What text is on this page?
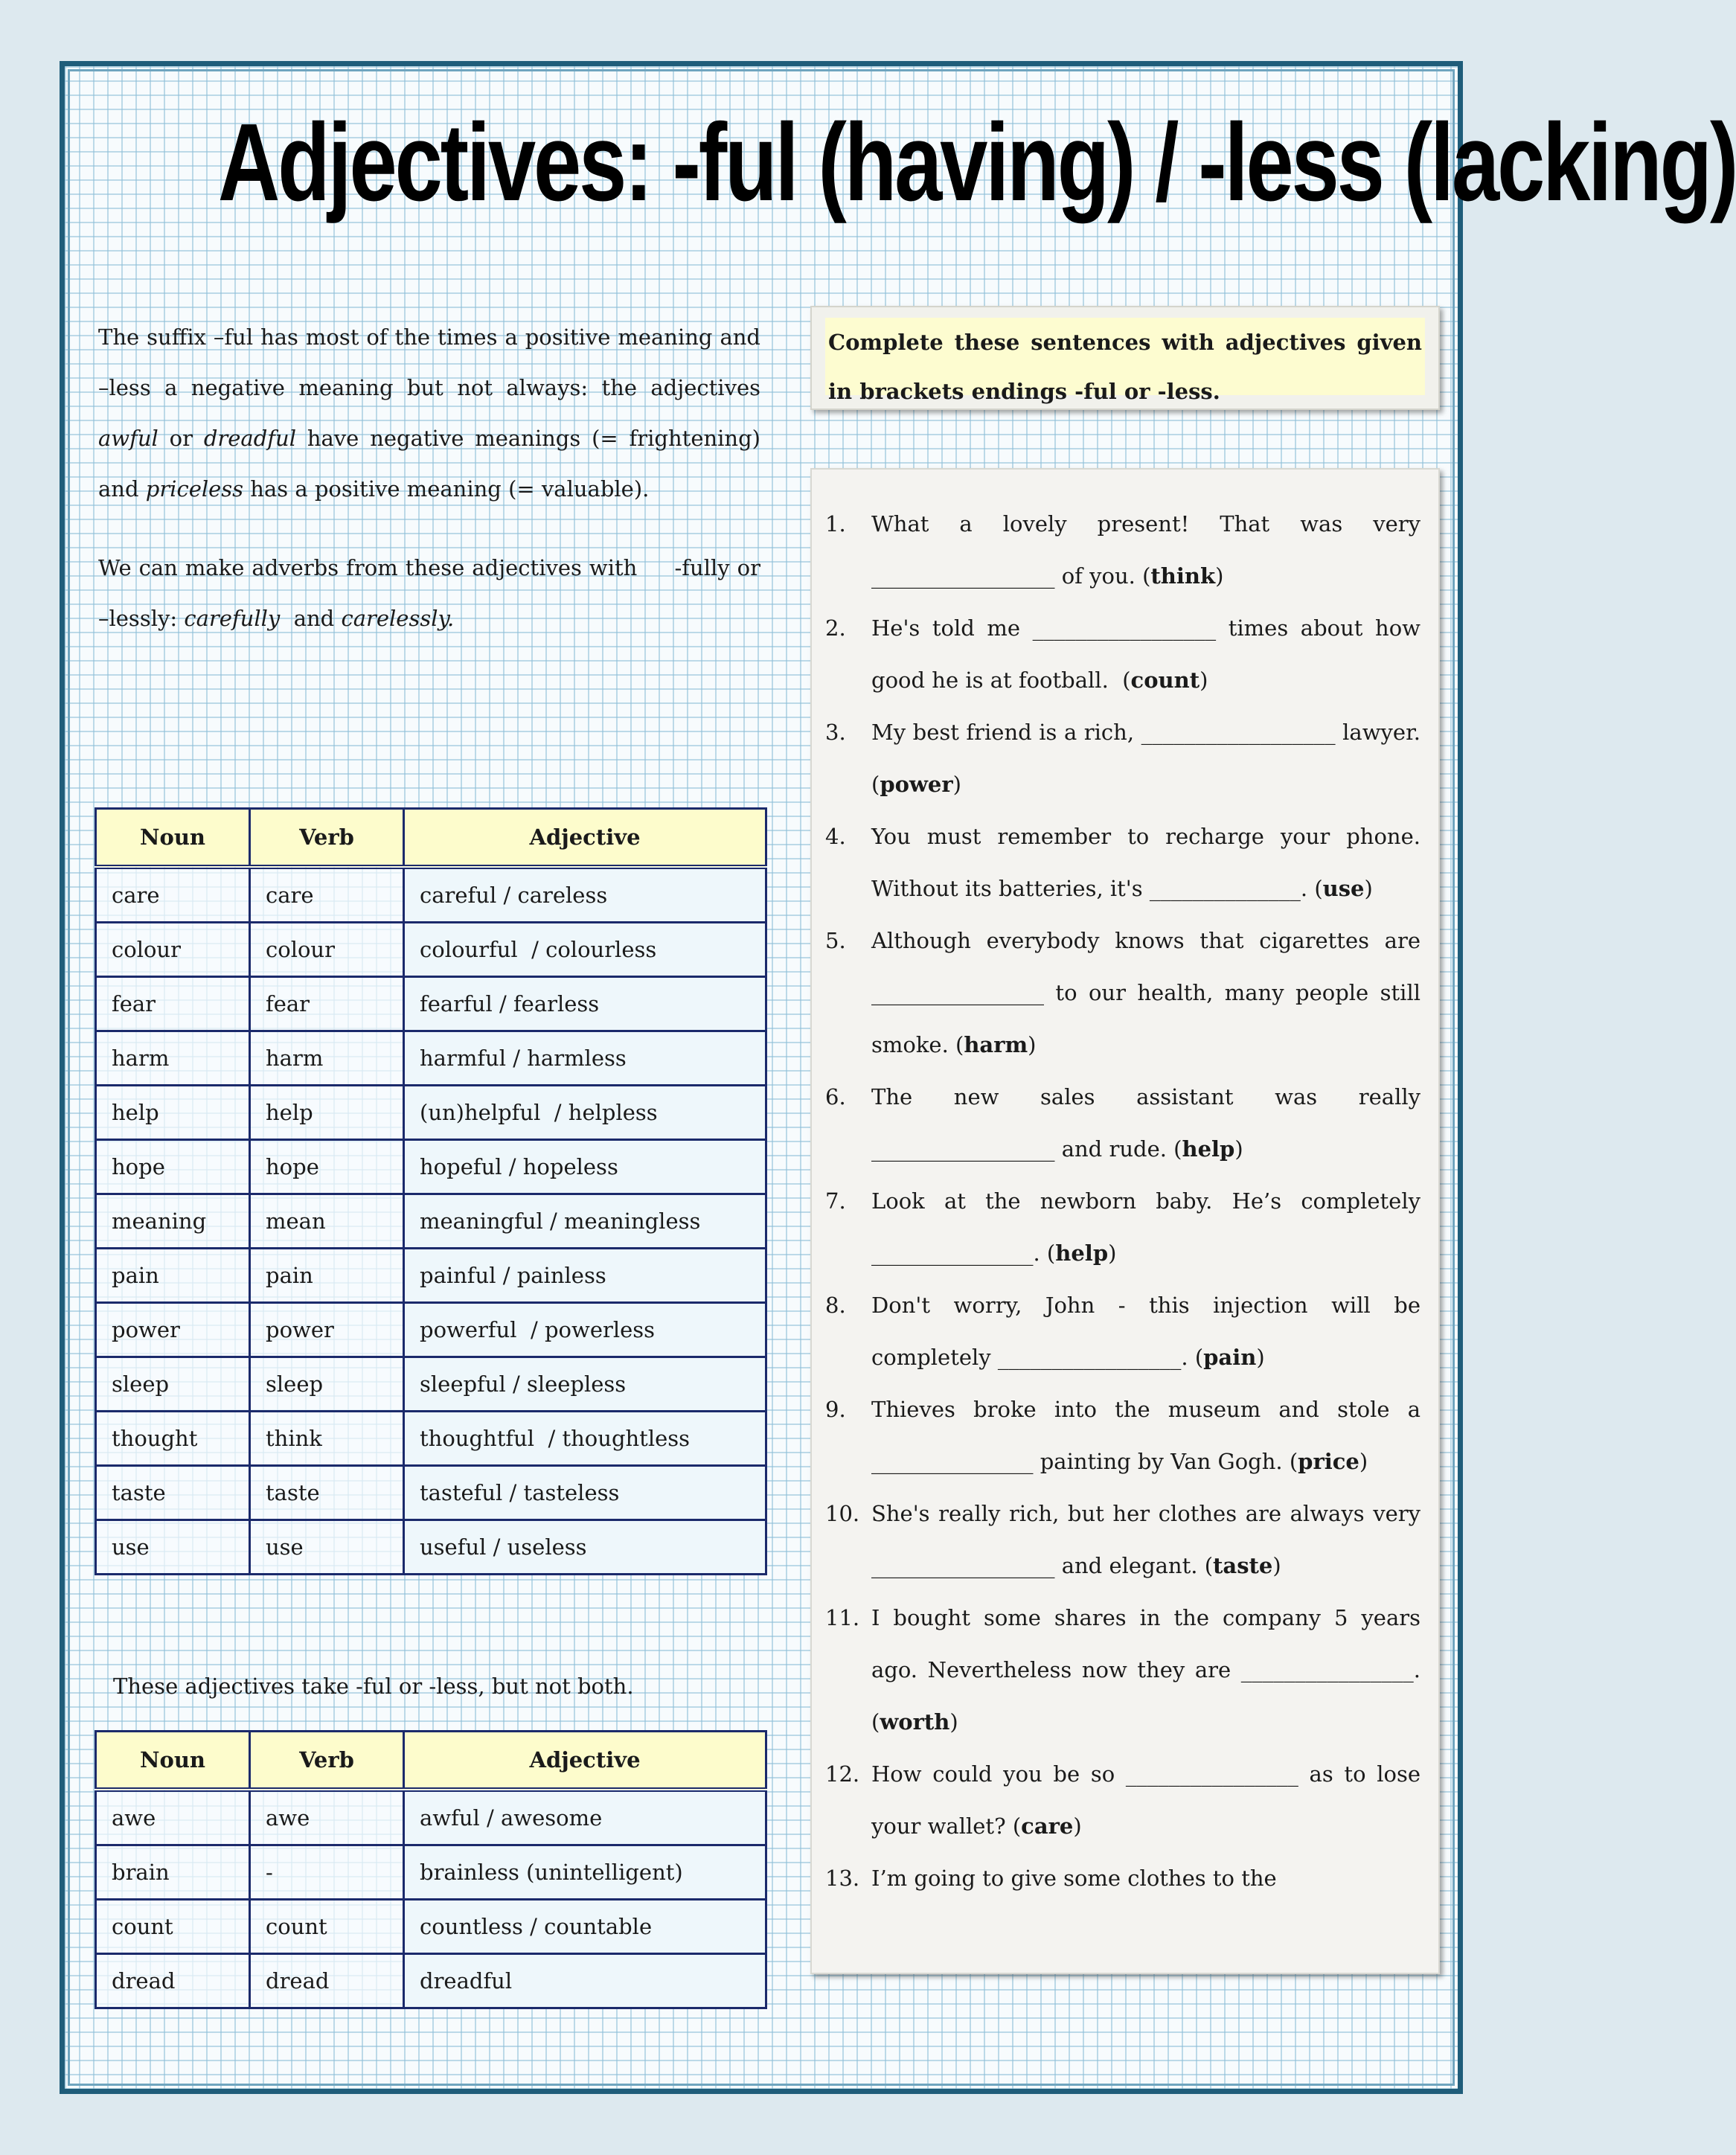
Adjectives: -ful (having) / -less (lacking)

The suffix –ful has most of the times a positive meaning and –less a negative meaning but not always: the adjectives awful or dreadful have negative meanings (= frightening) and priceless has a positive meaning (= valuable).

We can make adverbs from these adjectives with     -fully or –lessly: carefully  and carelessly.

Noun	Verb	Adjective
care	care	careful / careless
colour	colour	colourful  / colourless
fear	fear	fearful / fearless
harm	harm	harmful / harmless
help	help	(un)helpful  / helpless
hope	hope	hopeful / hopeless
meaning	mean	meaningful / meaningless
pain	pain	painful / painless
power	power	powerful  / powerless
sleep	sleep	sleepful / sleepless
thought	think	thoughtful  / thoughtless
taste	taste	tasteful / tasteless
use	use	useful / useless
These adjectives take -ful or -less, but not both.
Noun	Verb	Adjective
awe	awe	awful / awesome
brain	-	brainless (unintelligent)
count	count	countless / countable
dread	dread	dreadful
Complete these sentences with adjectives given in brackets endings -ful or -less.
1.	What a lovely present! That was very _________________ of you. (think)
2.	He's told me _________________ times about how good he is at football.  (count)
3.	My best friend is a rich, __________________ lawyer. (power)
4.	You must remember to recharge your phone. Without its batteries, it's ______________. (use)
5.	Although everybody knows that cigarettes are ________________ to our health, many people still smoke. (harm)
6.	The new sales assistant was really _________________ and rude. (help)
7.	Look at the newborn baby. He’s completely _______________. (help)
8.	Don't worry, John - this injection will be completely _________________. (pain)
9.	Thieves broke into the museum and stole a _______________ painting by Van Gogh. (price)
10. She's really rich, but her clothes are always very _________________ and elegant. (taste)
11. I bought some shares in the company 5 years ago. Nevertheless now they are ________________. (worth)
12. How could you be so ________________ as to lose your wallet? (care)
13. I’m going to give some clothes to the
